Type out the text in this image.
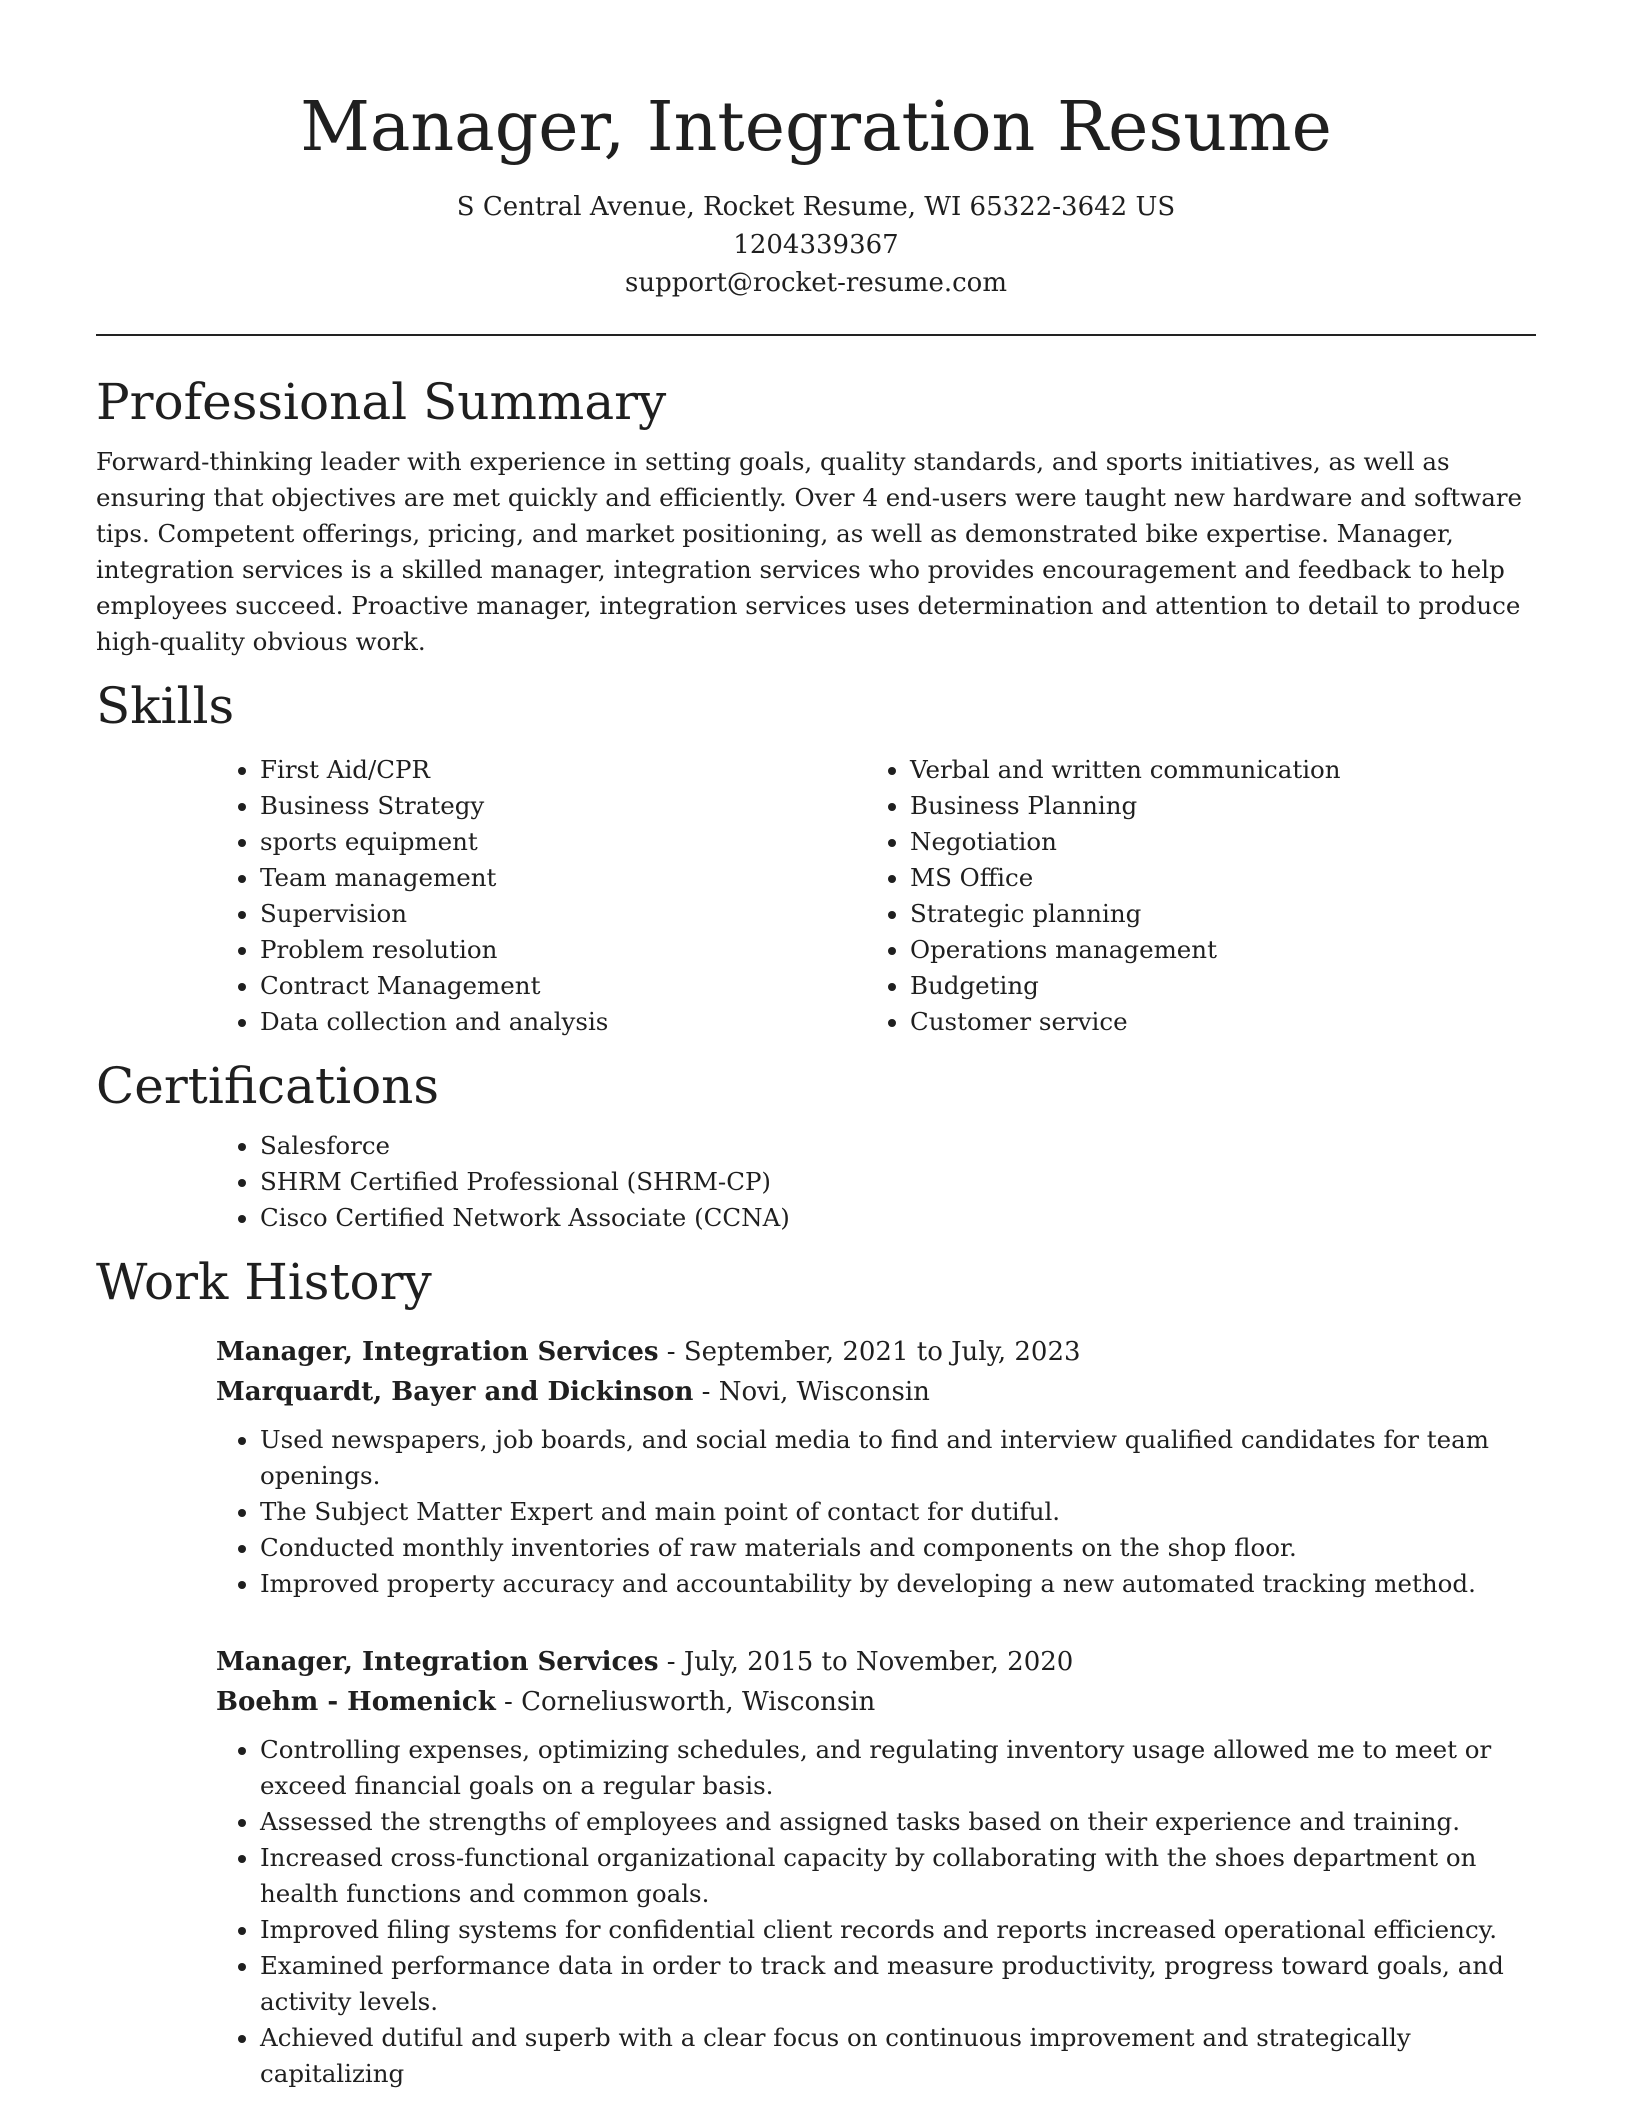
Manager, Integration Resume

S Central Avenue, Rocket Resume, WI 65322-3642 US

1204339367

support@rocket-resume.com

Professional Summary

Forward-thinking leader with experience in setting goals, quality standards, and sports initiatives, as well as ensuring that objectives are met quickly and efficiently. Over 4 end-users were taught new hardware and software tips. Competent offerings, pricing, and market positioning, as well as demonstrated bike expertise. Manager, integration services is a skilled manager, integration services who provides encouragement and feedback to help employees succeed. Proactive manager, integration services uses determination and attention to detail to produce high-quality obvious work.

Skills
• First Aid/CPR
• Business Strategy
• sports equipment
• Team management
• Supervision
• Problem resolution
• Contract Management
• Data collection and analysis
• Verbal and written communication
• Business Planning
• Negotiation
• MS Office
• Strategic planning
• Operations management
• Budgeting
• Customer service
Certifications
• Salesforce
• SHRM Certified Professional (SHRM-CP)
• Cisco Certified Network Associate (CCNA)
Work History

Manager, Integration Services - September, 2021 to July, 2023

Marquardt, Bayer and Dickinson - Novi, Wisconsin

• Used newspapers, job boards, and social media to find and interview qualified candidates for team openings.
• The Subject Matter Expert and main point of contact for dutiful.
• Conducted monthly inventories of raw materials and components on the shop floor.
• Improved property accuracy and accountability by developing a new automated tracking method.

Manager, Integration Services - July, 2015 to November, 2020

Boehm - Homenick - Corneliusworth, Wisconsin

• Controlling expenses, optimizing schedules, and regulating inventory usage allowed me to meet or exceed financial goals on a regular basis.
• Assessed the strengths of employees and assigned tasks based on their experience and training.
• Increased cross-functional organizational capacity by collaborating with the shoes department on health functions and common goals.
• Improved filing systems for confidential client records and reports increased operational efficiency.
• Examined performance data in order to track and measure productivity, progress toward goals, and activity levels.
• Achieved dutiful and superb with a clear focus on continuous improvement and strategically capitalizing
